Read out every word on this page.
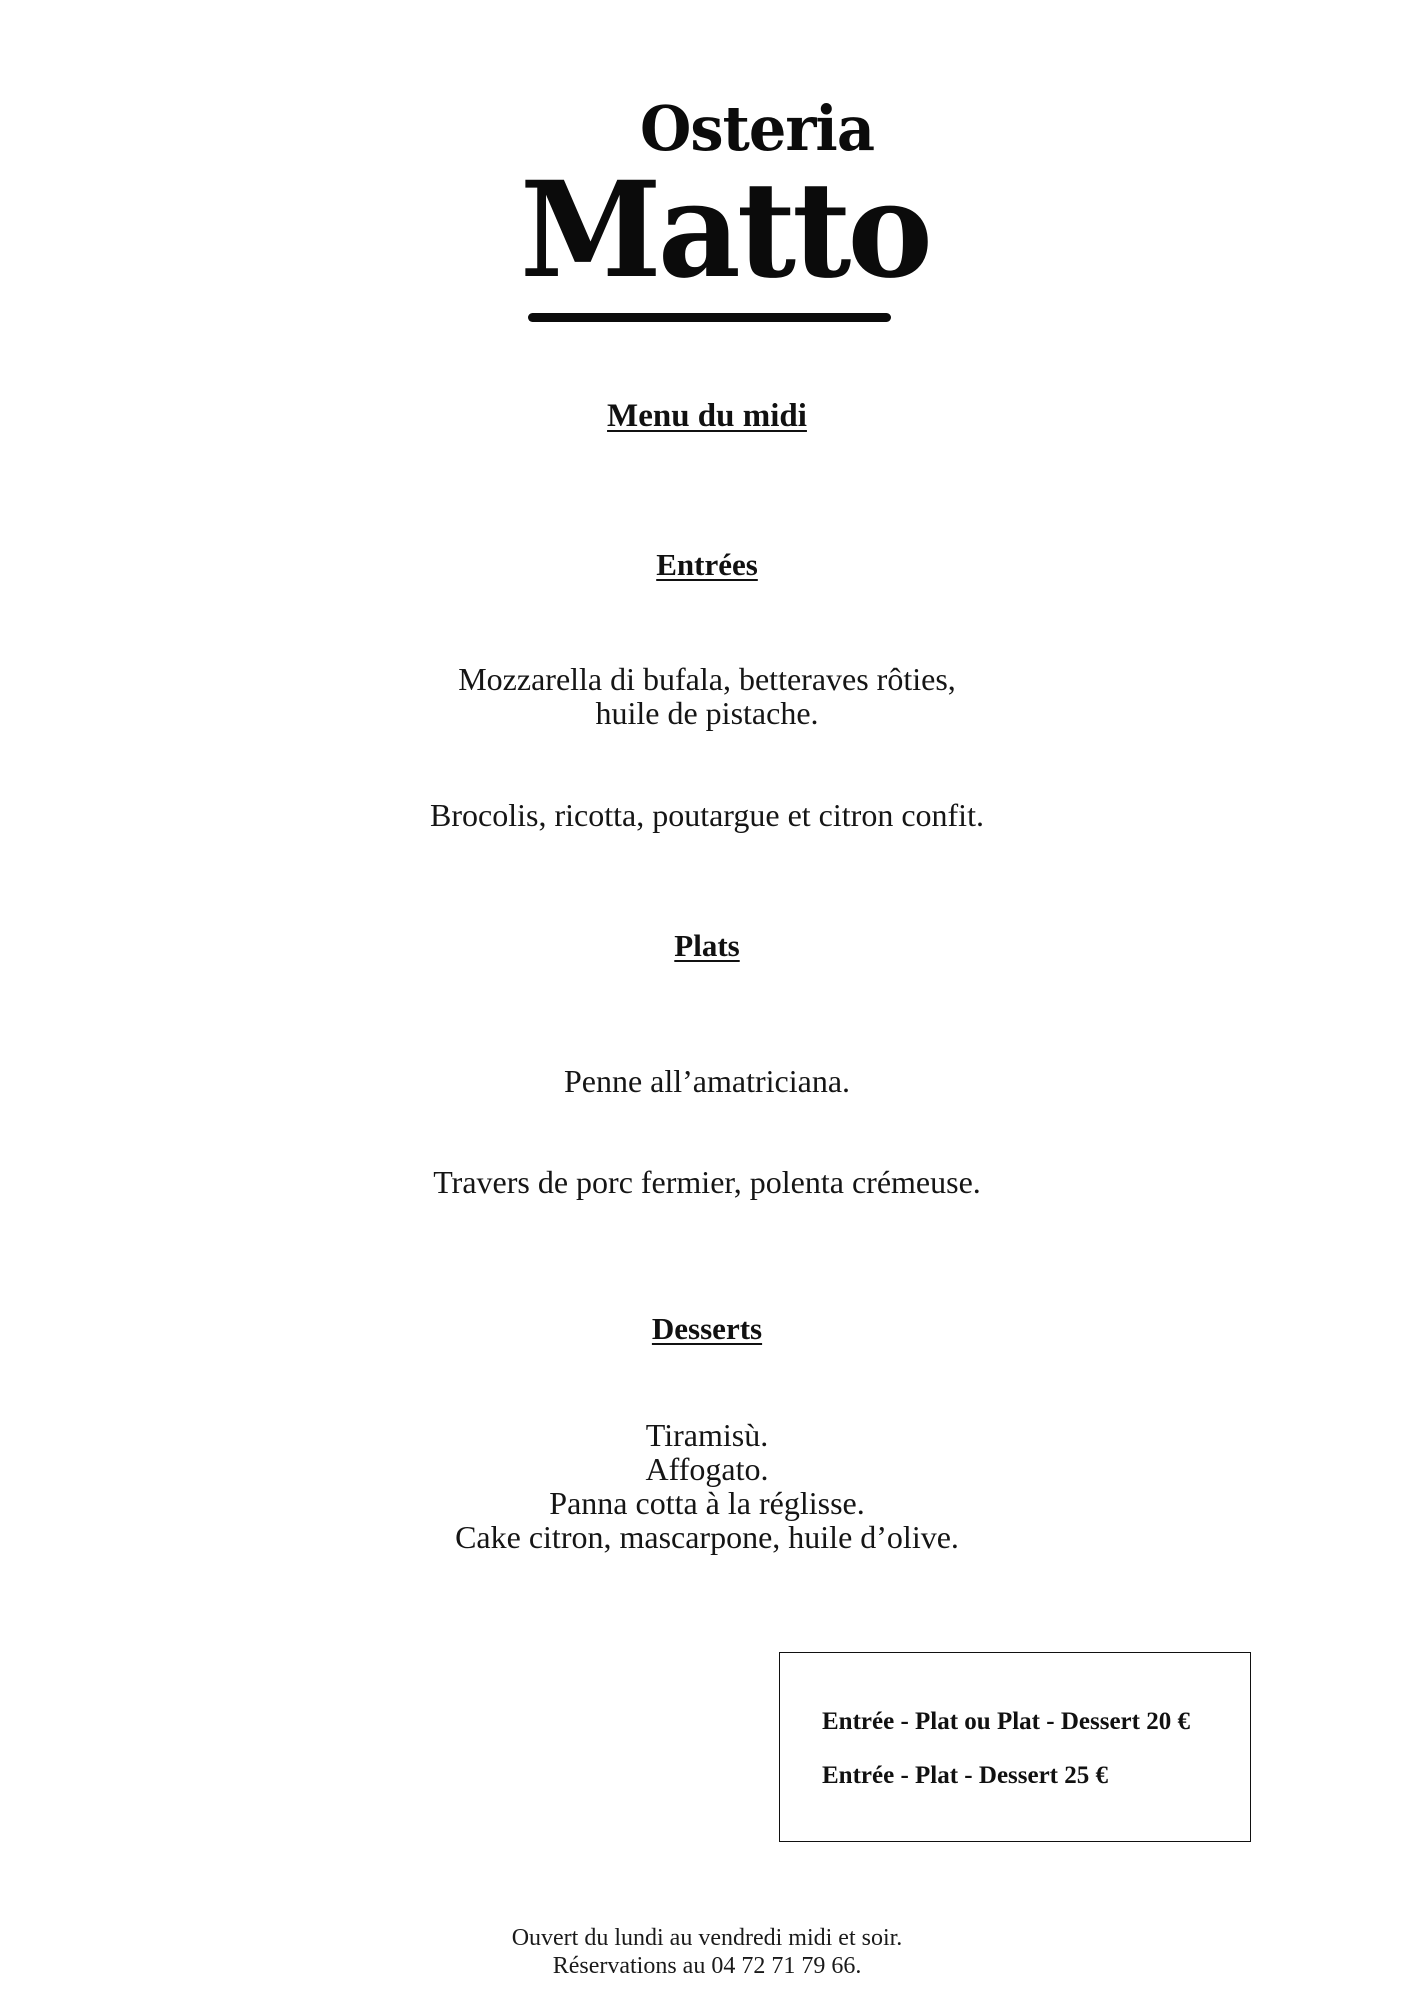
Osteria
Matto
Menu du midi
Entrées
Mozzarella di bufala, betteraves rôties,
huile de pistache.
Brocolis, ricotta, poutargue et citron confit.
Plats
Penne all’amatriciana.
Travers de porc fermier, polenta crémeuse.
Desserts
Tiramisù.
Affogato.
Panna cotta à la réglisse.
Cake citron, mascarpone, huile d’olive.
Entrée - Plat ou Plat - Dessert 20 €
Entrée - Plat - Dessert 25 €
Ouvert du lundi au vendredi midi et soir.
Réservations au 04 72 71 79 66.
